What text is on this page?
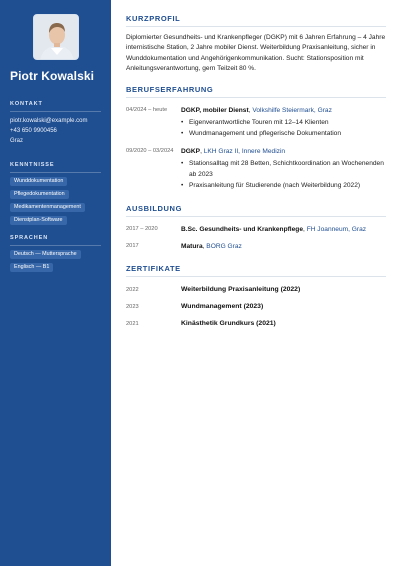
Piotr Kowalski
KONTAKT
piotr.kowalski@example.com
+43 650 9900456
Graz
KENNTNISSE
Wunddokumentation
Pflegedokumentation
Medikamentenmanagement
Dienstplan-Software
SPRACHEN
Deutsch — Muttersprache
Englisch — B1
KURZPROFIL

Diplomierter Gesundheits- und Krankenpfleger (DGKP) mit 6 Jahren Erfahrung – 4 Jahre internistische Station, 2 Jahre mobiler Dienst. Weiterbildung Praxisanleitung, sicher in Wunddokumentation und Angehörigenkommunikation. Sucht: Stationsposition mit Anleitungsverantwortung, gern Teilzeit 80 %.

BERUFSERFAHRUNG
04/2024 – heute	DGKP, mobiler Dienst, Volkshilfe Steiermark, Graz
• Eigenverantwortliche Touren mit 12–14 Klienten
• Wundmanagement und pflegerische Dokumentation
09/2020 – 03/2024	DGKP, LKH Graz II, Innere Medizin
• Stationsalltag mit 28 Betten, Schichtkoordination an Wochenenden ab 2023
• Praxisanleitung für Studierende (nach Weiterbildung 2022)
AUSBILDUNG
2017 – 2020	B.Sc. Gesundheits- und Krankenpflege, FH Joanneum, Graz
2017	Matura, BORG Graz
ZERTIFIKATE
2022	Weiterbildung Praxisanleitung (2022)
2023	Wundmanagement (2023)
2021	Kinästhetik Grundkurs (2021)
